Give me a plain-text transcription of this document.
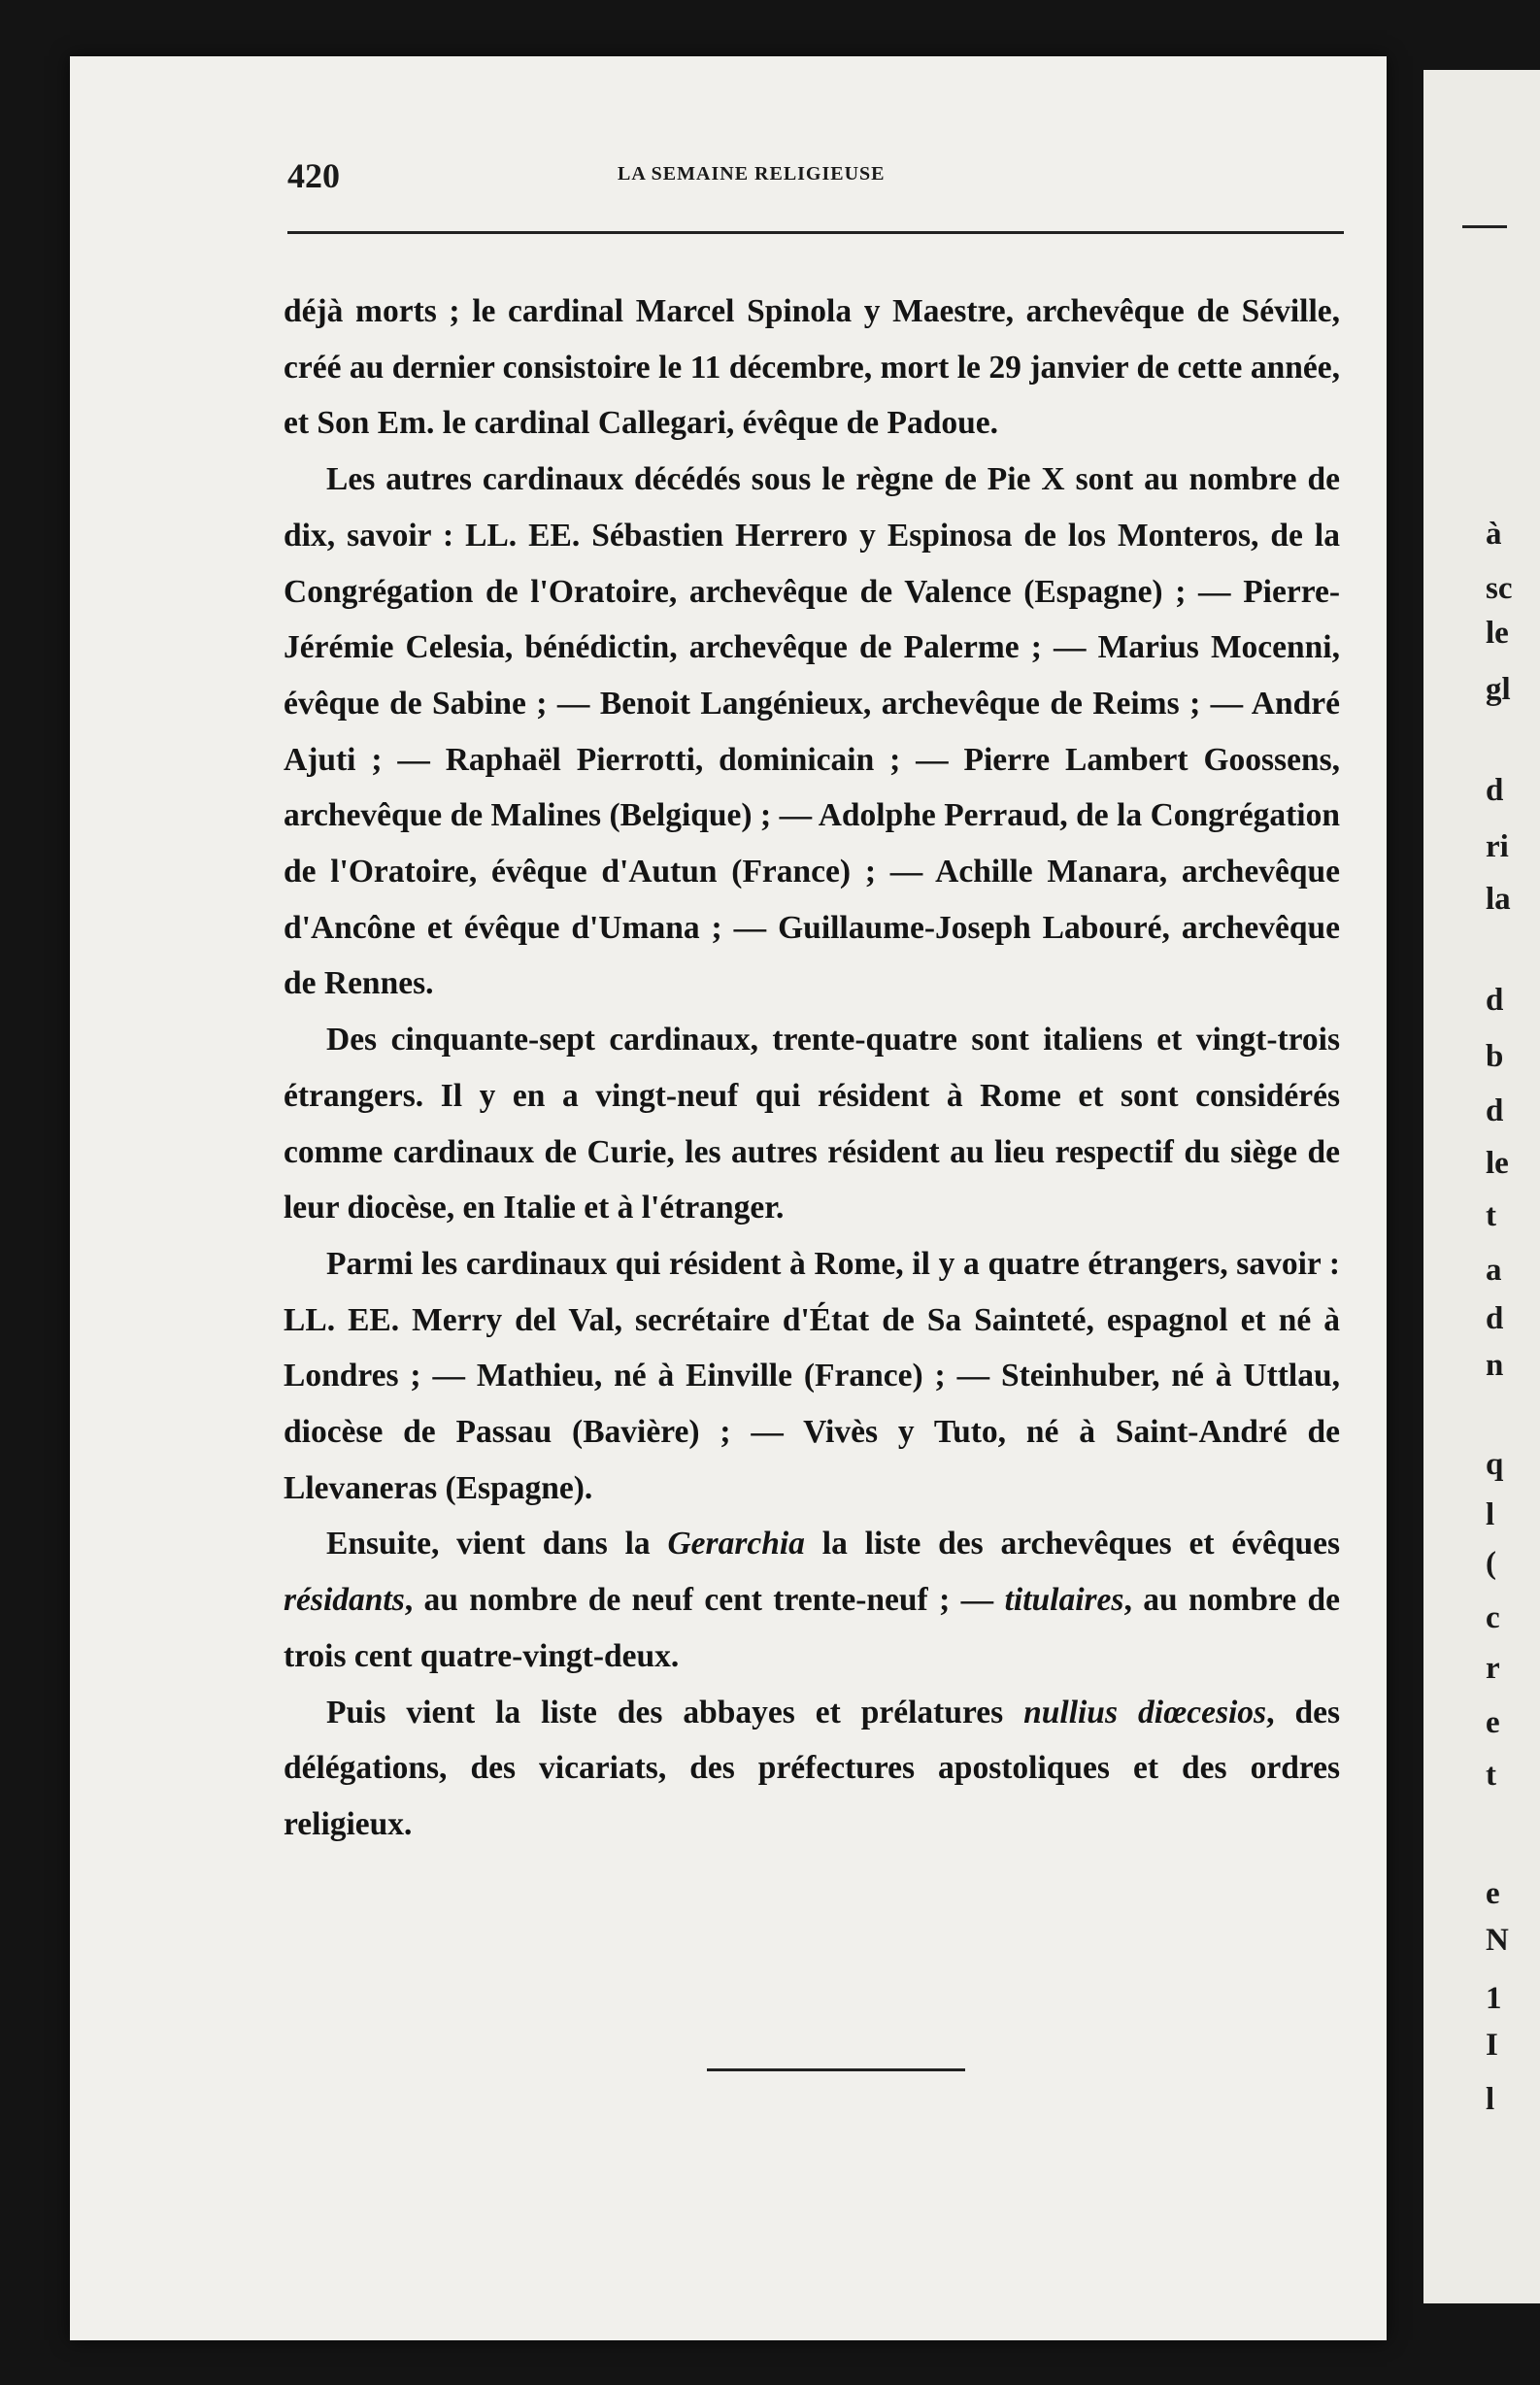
à
sc
le
gl
d
ri
la
d
b
d
le
t
a
d
n
q
l
(
c
r
e
t
e
N
1
I
l
420	LA SEMAINE RELIGIEUSE

déjà morts ; le cardinal Marcel Spinola y Maestre, archevêque de Séville, créé au dernier consistoire le 11 décembre, mort le 29 janvier de cette année, et Son Em. le cardinal Callegari, évêque de Padoue.

Les autres cardinaux décédés sous le règne de Pie X sont au nombre de dix, savoir : LL. EE. Sébastien Herrero y Espinosa de los Monteros, de la Congrégation de l'Oratoire, archevêque de Valence (Espagne) ; — Pierre-Jérémie Celesia, bénédictin, archevêque de Palerme ; — Marius Mocenni, évêque de Sabine ; — Benoit Langénieux, archevêque de Reims ; — André Ajuti ; — Raphaël Pierrotti, dominicain ; — Pierre Lambert Goossens, archevêque de Malines (Belgique) ; — Adolphe Perraud, de la Congrégation de l'Oratoire, évêque d'Autun (France) ; — Achille Manara, archevêque d'Ancône et évêque d'Umana ; — Guillaume-Joseph Labouré, archevêque de Rennes.

Des cinquante-sept cardinaux, trente-quatre sont italiens et vingt-trois étrangers. Il y en a vingt-neuf qui résident à Rome et sont considérés comme cardinaux de Curie, les autres résident au lieu respectif du siège de leur diocèse, en Italie et à l'étranger.

Parmi les cardinaux qui résident à Rome, il y a quatre étrangers, savoir : LL. EE. Merry del Val, secrétaire d'État de Sa Sainteté, espagnol et né à Londres ; — Mathieu, né à Einville (France) ; — Steinhuber, né à Uttlau, diocèse de Passau (Bavière) ; — Vivès y Tuto, né à Saint-André de Llevaneras (Espagne).

Ensuite, vient dans la Gerarchia la liste des archevêques et évêques résidants, au nombre de neuf cent trente-neuf ; — titulaires, au nombre de trois cent quatre-vingt-deux.

Puis vient la liste des abbayes et prélatures nullius diœcesios, des délégations, des vicariats, des préfectures apostoliques et des ordres religieux.
